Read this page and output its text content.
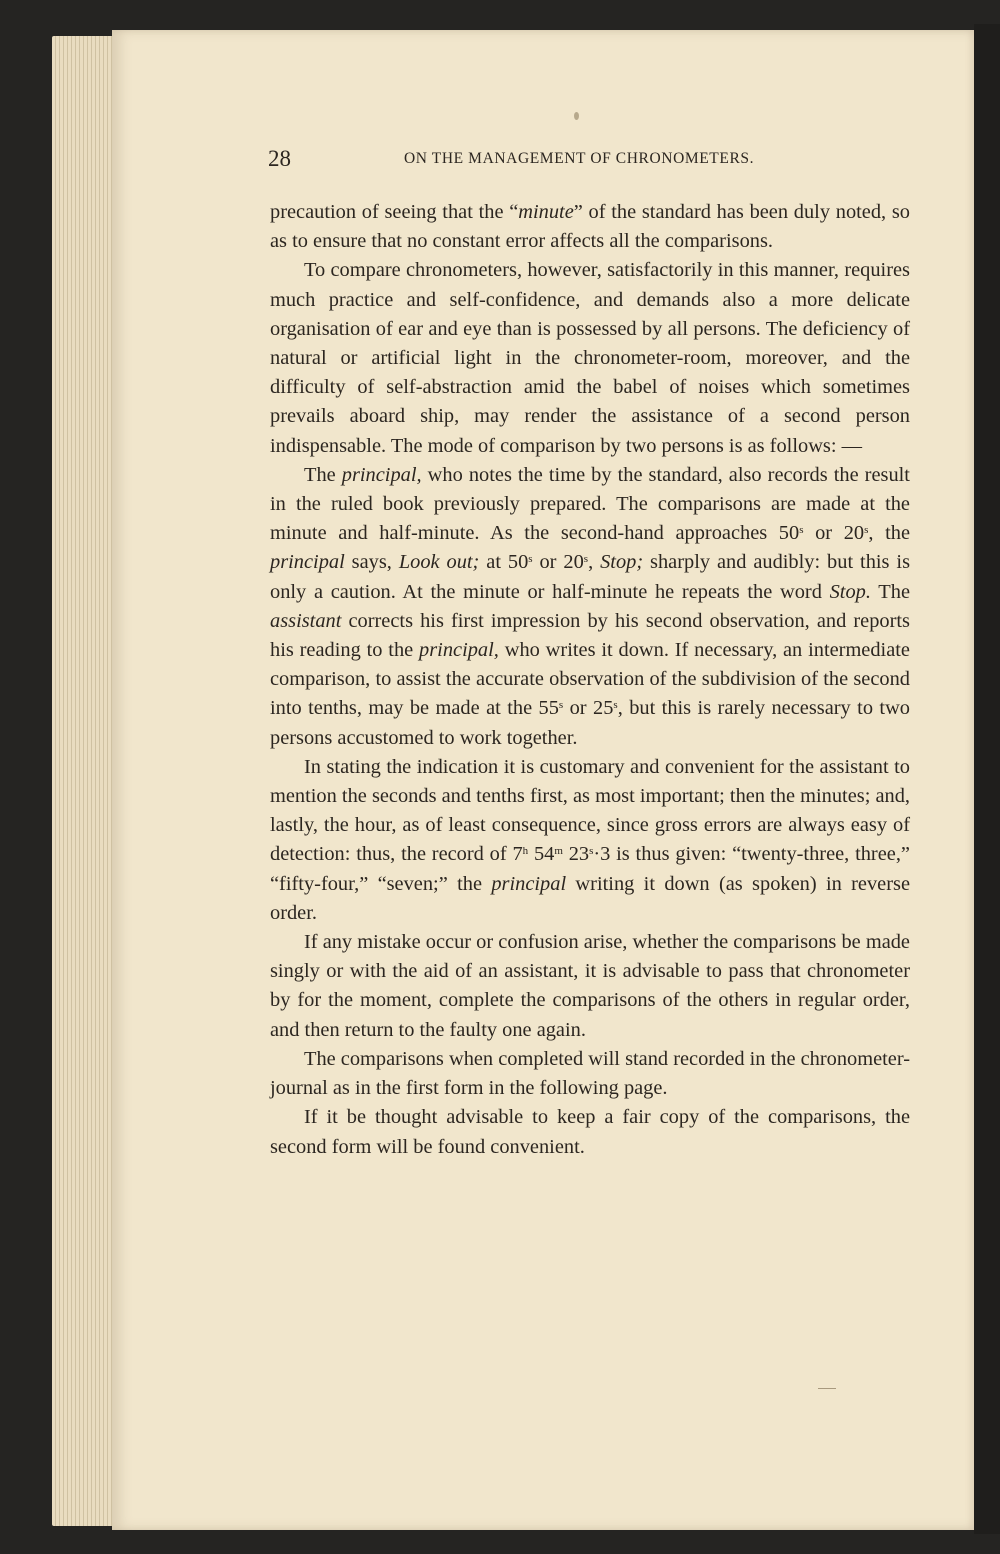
28	ON THE MANAGEMENT OF CHRONOMETERS.

precaution of seeing that the “minute” of the standard has been duly noted, so as to ensure that no constant error affects all the comparisons.

To compare chronometers, however, satisfactorily in this manner, requires much practice and self-confidence, and demands also a more delicate organisation of ear and eye than is possessed by all persons. The deficiency of natural or artificial light in the chronometer-room, moreover, and the difficulty of self-abstraction amid the babel of noises which sometimes prevails aboard ship, may render the assistance of a second person indispensable. The mode of comparison by two persons is as follows: —

The principal, who notes the time by the standard, also records the result in the ruled book previously prepared. The comparisons are made at the minute and half-minute. As the second-hand approaches 50$^s$ or 20$^s$, the principal says, Look out; at 50$^s$ or 20$^s$, Stop; sharply and audibly: but this is only a caution. At the minute or half-minute he repeats the word Stop. The assistant corrects his first impression by his second observation, and reports his reading to the principal, who writes it down. If necessary, an intermediate comparison, to assist the accurate observation of the subdivision of the second into tenths, may be made at the 55$^s$ or 25$^s$, but this is rarely necessary to two persons accustomed to work together.

In stating the indication it is customary and convenient for the assistant to mention the seconds and tenths first, as most important; then the minutes; and, lastly, the hour, as of least consequence, since gross errors are always easy of detection: thus, the record of 7$^h$ 54$^m$ $23^s\cdot 3$ is thus given: “twenty-three, three,” “fifty-four,” “seven;” the principal writing it down (as spoken) in reverse order.

If any mistake occur or confusion arise, whether the comparisons be made singly or with the aid of an assistant, it is advisable to pass that chronometer by for the moment, complete the comparisons of the others in regular order, and then return to the faulty one again.

The comparisons when completed will stand recorded in the chronometer-journal as in the first form in the following page.

If it be thought advisable to keep a fair copy of the comparisons, the second form will be found convenient.
